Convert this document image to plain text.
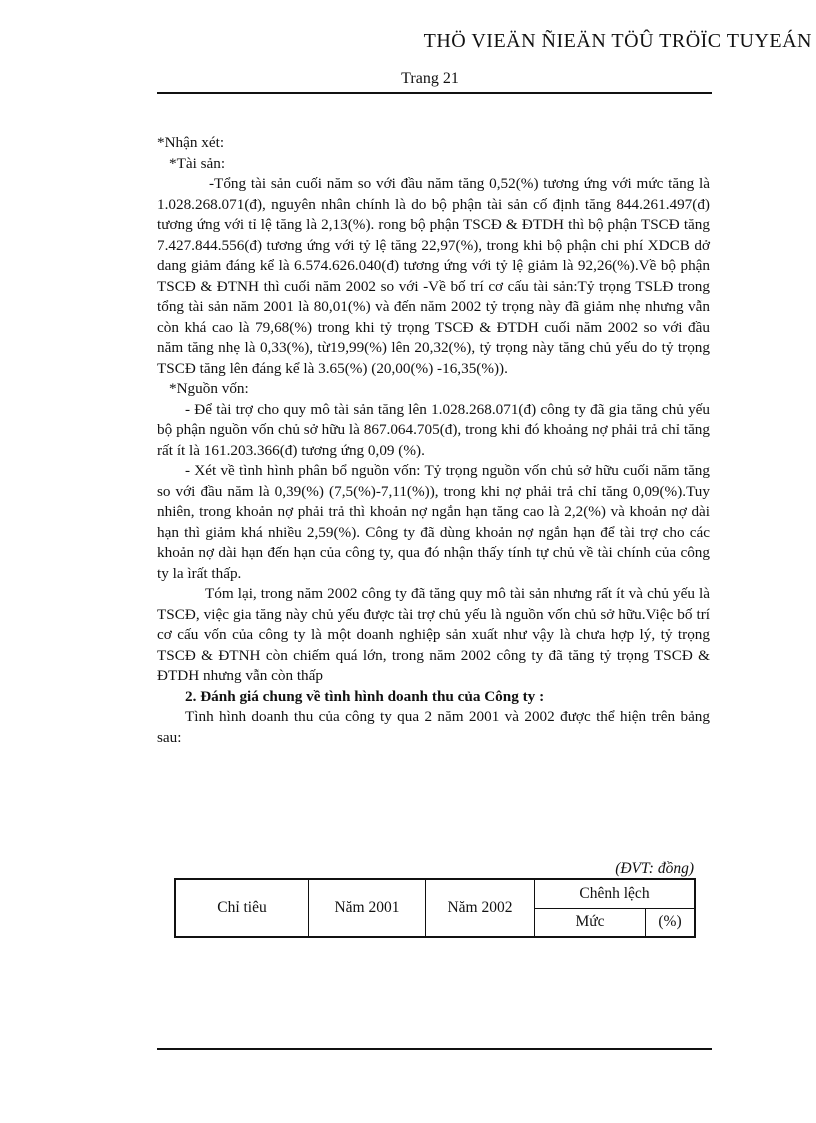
THÖ VIEÄN ÑIEÄN TÖÛ TRÖÏC TUYEÁN
Trang 21

*Nhận xét:

*Tài sản:

-Tổng tài sản cuối năm so với đầu năm tăng 0,52(%) tương ứng với mức tăng là 1.028.268.071(đ), nguyên nhân chính là do bộ phận tài sản cố định tăng 844.261.497(đ) tương ứng với tỉ lệ tăng là 2,13(%). rong bộ phận TSCĐ & ĐTDH thì bộ phận TSCĐ tăng 7.427.844.556(đ) tương ứng với tỷ lệ tăng 22,97(%), trong khi bộ phận chi phí XDCB dở dang giảm đáng kể là 6.574.626.040(đ) tương ứng với tỷ lệ giảm là 92,26(%).Về bộ phận TSCĐ & ĐTNH thì cuối năm 2002 so với -Về bố trí cơ cấu tài sản:Tỷ trọng TSLĐ trong tổng tài sản năm 2001 là 80,01(%) và đến năm 2002 tỷ trọng này đã giảm nhẹ nhưng vẫn còn khá cao là 79,68(%) trong khi tỷ trọng TSCĐ & ĐTDH cuối năm 2002 so với đầu năm tăng nhẹ là 0,33(%), từ19,99(%) lên 20,32(%), tỷ trọng này tăng chủ yếu do tỷ trọng TSCĐ tăng lên đáng kể là 3.65(%) (20,00(%) -16,35(%)).

*Nguồn vốn:

- Để tài trợ cho quy mô tài sản tăng lên 1.028.268.071(đ) công ty đã gia tăng chủ yếu bộ phận nguồn vốn chủ sở hữu là 867.064.705(đ), trong khi đó khoảng nợ phải trả chỉ tăng rất ít là 161.203.366(đ) tương ứng 0,09 (%).

- Xét về tình hình phân bổ nguồn vốn: Tỷ trọng nguồn vốn chủ sở hữu cuối năm tăng so với đầu năm là 0,39(%) (7,5(%)-7,11(%)), trong khi nợ phải trả chỉ tăng 0,09(%).Tuy nhiên, trong khoản nợ phải trả thì khoản nợ ngắn hạn tăng cao là 2,2(%) và khoản nợ dài hạn thì giảm khá nhiều 2,59(%). Công ty đã dùng khoản nợ ngắn hạn để tài trợ cho các khoản nợ dài hạn đến hạn của công ty, qua đó nhận thấy tính tự chủ về tài chính của công ty la ìrất thấp.

Tóm lại, trong năm 2002 công ty đã tăng quy mô tài sản nhưng rất ít và chủ yếu là TSCĐ, việc gia tăng này chủ yếu được tài trợ chủ yếu là nguồn vốn chủ sở hữu.Việc bố trí cơ cấu vốn của công ty là một doanh nghiệp sản xuất như vậy là chưa hợp lý, tỷ trọng TSCĐ & ĐTNH còn chiếm quá lớn, trong năm 2002 công ty đã tăng tỷ trọng TSCĐ & ĐTDH nhưng vẫn còn thấp

2. Đánh giá chung về tình hình doanh thu của Công ty :

Tình hình doanh thu của công ty qua 2 năm 2001 và 2002 được thể hiện trên bảng sau:

(ĐVT: đồng)
Chỉ tiêu	Năm 2001	Năm 2002	Chênh lệch	
			Mức	(%)
